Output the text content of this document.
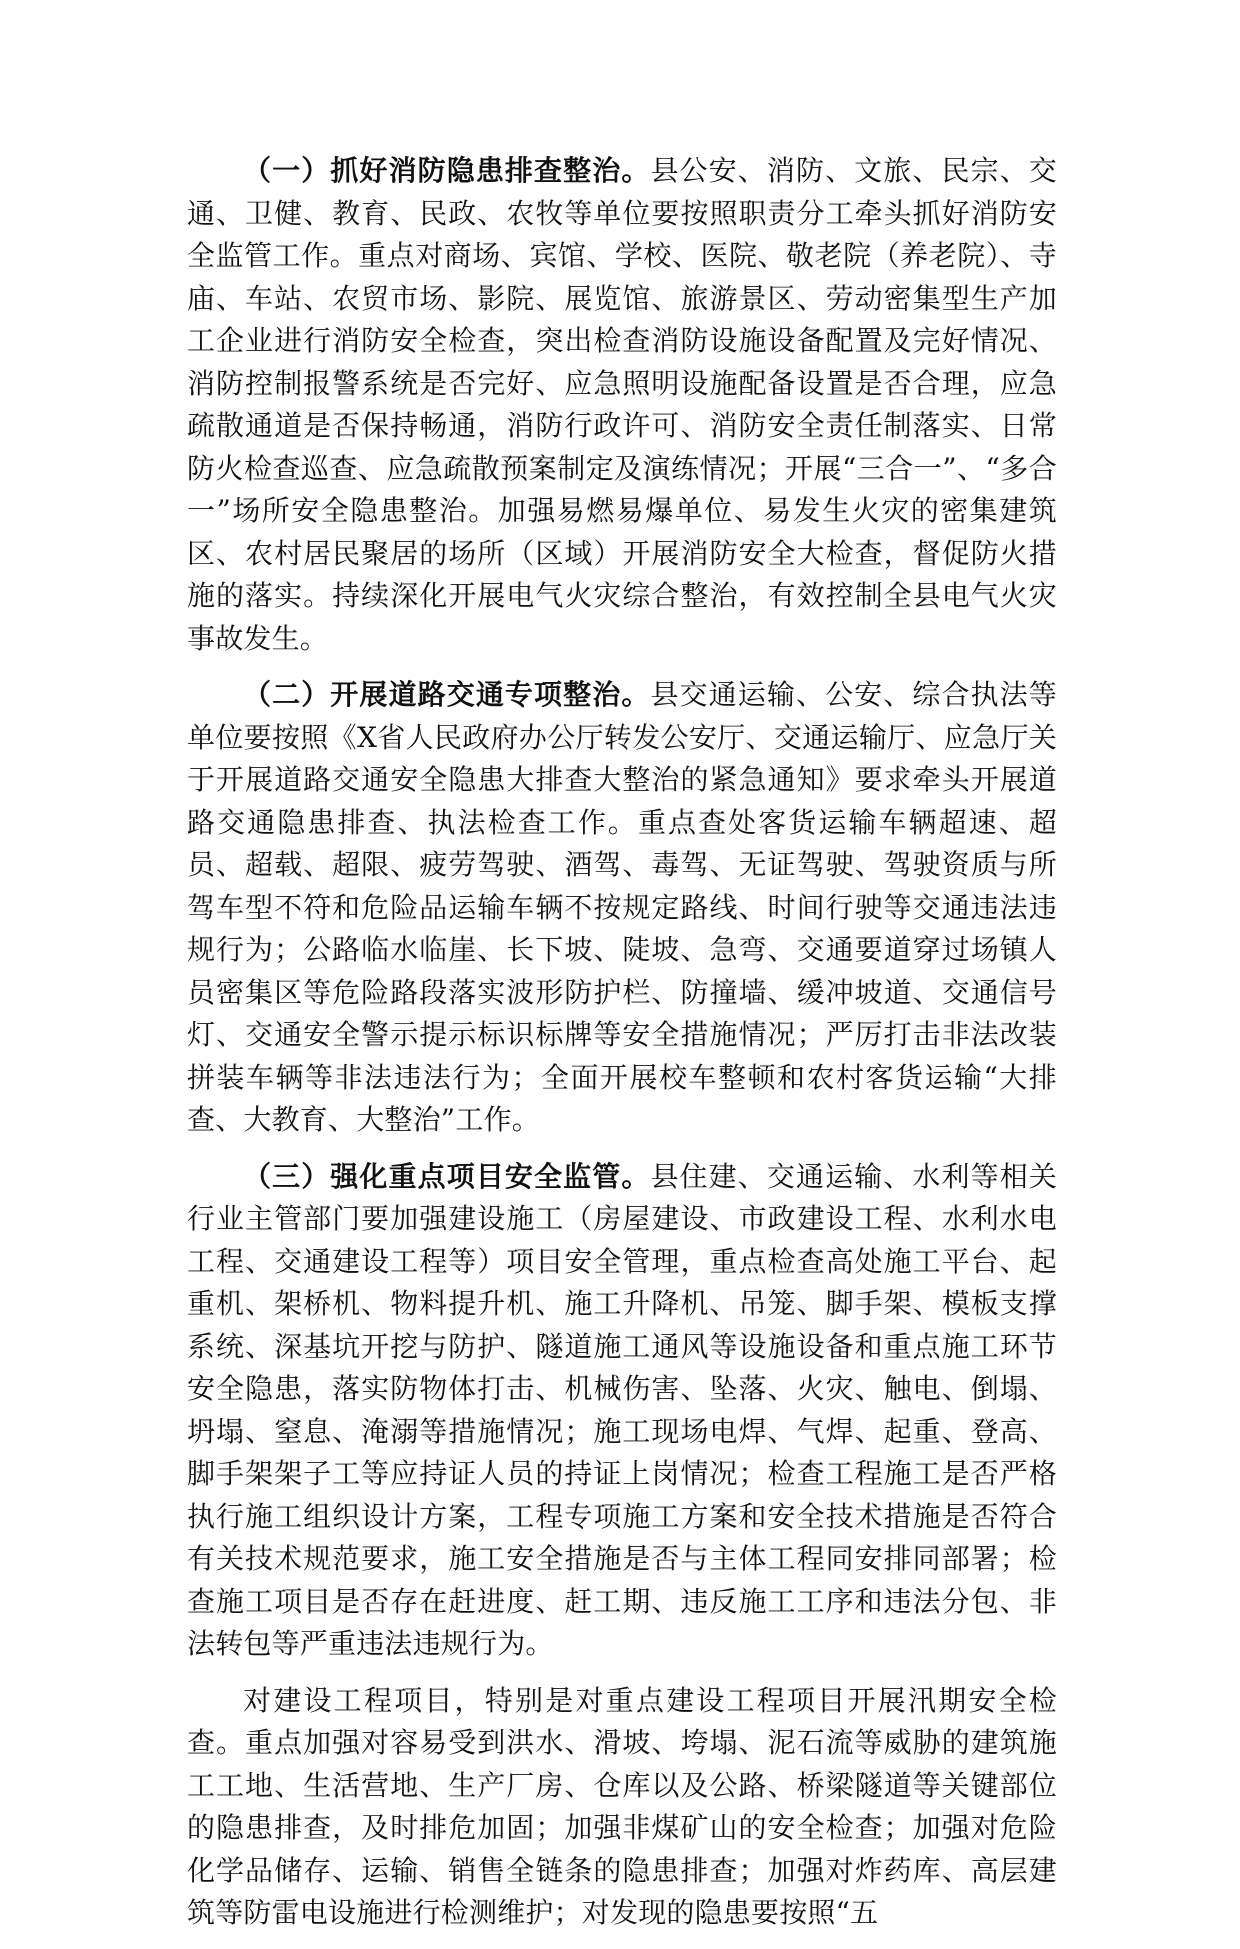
（一）抓好消防隐患排查整治。县公安、消防、文旅、民宗、交通、卫健、教育、民政、农牧等单位要按照职责分工牵头抓好消防安全监管工作。重点对商场、宾馆、学校、医院、敬老院（养老院）、寺庙、车站、农贸市场、影院、展览馆、旅游景区、劳动密集型生产加工企业进行消防安全检查，突出检查消防设施设备配置及完好情况、消防控制报警系统是否完好、应急照明设施配备设置是否合理，应急疏散通道是否保持畅通，消防行政许可、消防安全责任制落实、日常防火检查巡查、应急疏散预案制定及演练情况；开展“三合一”、“多合一”场所安全隐患整治。加强易燃易爆单位、易发生火灾的密集建筑区、农村居民聚居的场所（区域）开展消防安全大检查，督促防火措施的落实。持续深化开展电气火灾综合整治，有效控制全县电气火灾事故发生。

（二）开展道路交通专项整治。县交通运输、公安、综合执法等单位要按照《X省人民政府办公厅转发公安厅、交通运输厅、应急厅关于开展道路交通安全隐患大排查大整治的紧急通知》要求牵头开展道路交通隐患排查、执法检查工作。重点查处客货运输车辆超速、超员、超载、超限、疲劳驾驶、酒驾、毒驾、无证驾驶、驾驶资质与所驾车型不符和危险品运输车辆不按规定路线、时间行驶等交通违法违规行为；公路临水临崖、长下坡、陡坡、急弯、交通要道穿过场镇人员密集区等危险路段落实波形防护栏、防撞墙、缓冲坡道、交通信号灯、交通安全警示提示标识标牌等安全措施情况；严厉打击非法改装拼装车辆等非法违法行为；全面开展校车整顿和农村客货运输“大排查、大教育、大整治”工作。

（三）强化重点项目安全监管。县住建、交通运输、水利等相关行业主管部门要加强建设施工（房屋建设、市政建设工程、水利水电工程、交通建设工程等）项目安全管理，重点检查高处施工平台、起重机、架桥机、物料提升机、施工升降机、吊笼、脚手架、模板支撑系统、深基坑开挖与防护、隧道施工通风等设施设备和重点施工环节安全隐患，落实防物体打击、机械伤害、坠落、火灾、触电、倒塌、坍塌、窒息、淹溺等措施情况；施工现场电焊、气焊、起重、登高、脚手架架子工等应持证人员的持证上岗情况；检查工程施工是否严格执行施工组织设计方案，工程专项施工方案和安全技术措施是否符合有关技术规范要求，施工安全措施是否与主体工程同安排同部署；检查施工项目是否存在赶进度、赶工期、违反施工工序和违法分包、非法转包等严重违法违规行为。

对建设工程项目，特别是对重点建设工程项目开展汛期安全检查。重点加强对容易受到洪水、滑坡、垮塌、泥石流等威胁的建筑施工工地、生活营地、生产厂房、仓库以及公路、桥梁隧道等关键部位的隐患排查，及时排危加固；加强非煤矿山的安全检查；加强对危险化学品储存、运输、销售全链条的隐患排查；加强对炸药库、高层建筑等防雷电设施进行检测维护；对发现的隐患要按照“五
